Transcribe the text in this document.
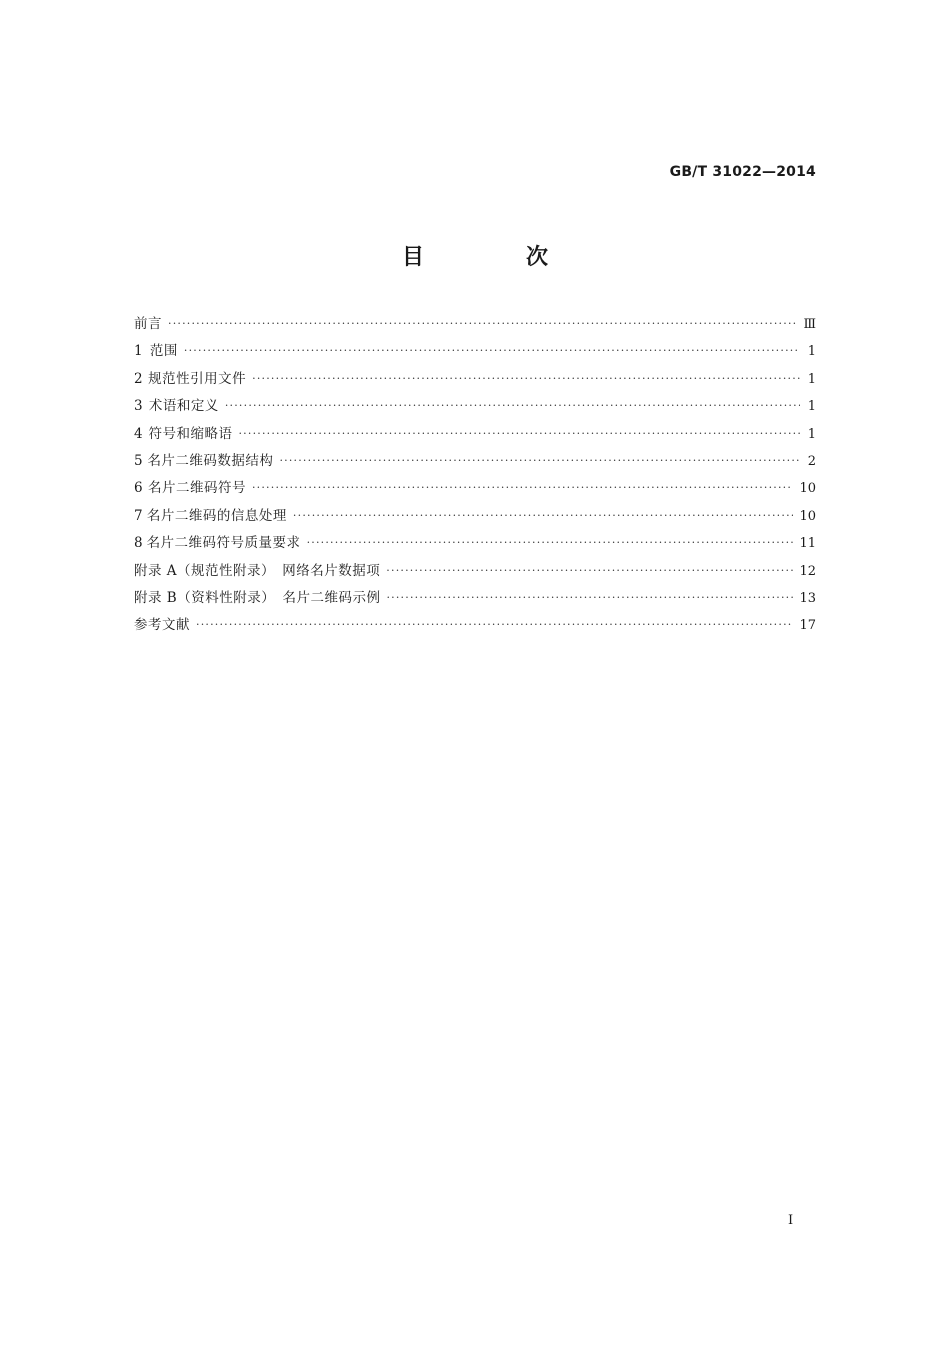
GB/T 31022—2014
目　次
前言 ·····	Ⅲ
1 范围 ·····	1
2 规范性引用文件 ·····	1
3 术语和定义 ·····	1
4 符号和缩略语 ·····	1
5 名片二维码数据结构 ·····	2
6 名片二维码符号 ·····	10
7 名片二维码的信息处理 ·····	10
8 名片二维码符号质量要求 ·····	11
附录 A（规范性附录）　网络名片数据项 ·····	12
附录 B（资料性附录）　名片二维码示例 ·····	13
参考文献 ·····	17
I
